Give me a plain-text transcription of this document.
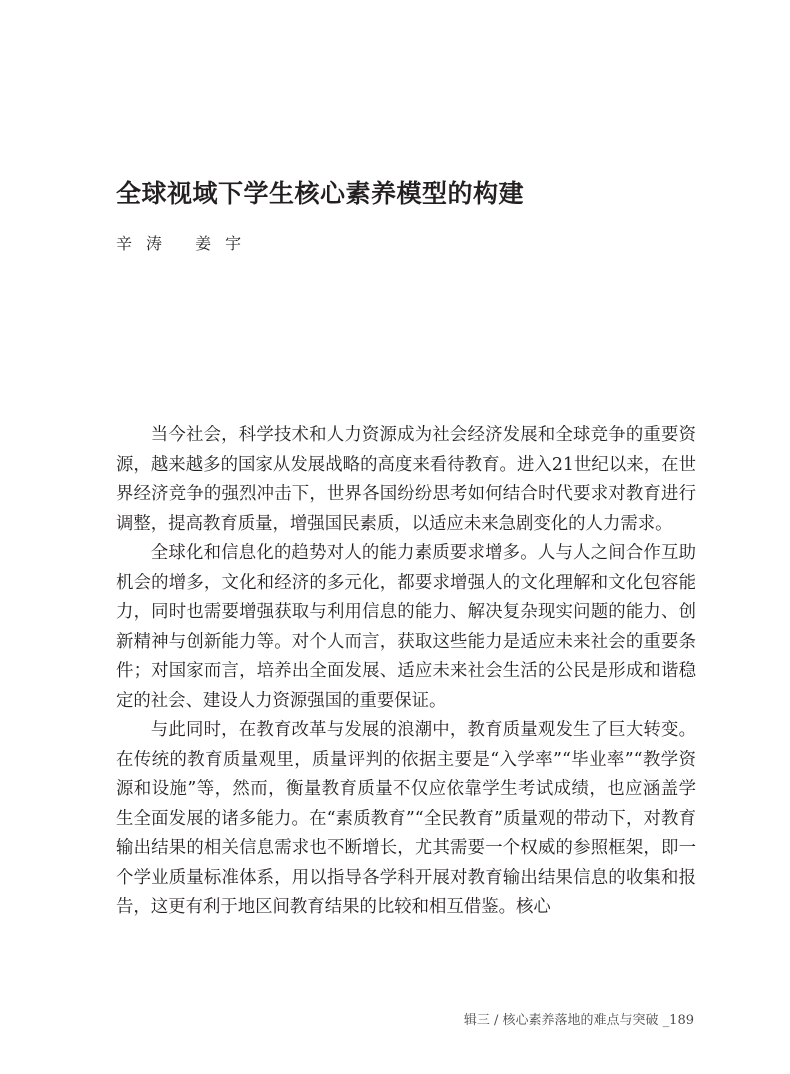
全球视域下学生核心素养模型的构建
辛涛 姜宇

当今社会，科学技术和人力资源成为社会经济发展和全球竞争的重要资源，越来越多的国家从发展战略的高度来看待教育。进入21世纪以来，在世界经济竞争的强烈冲击下，世界各国纷纷思考如何结合时代要求对教育进行调整，提高教育质量，增强国民素质，以适应未来急剧变化的人力需求。

全球化和信息化的趋势对人的能力素质要求增多。人与人之间合作互助机会的增多，文化和经济的多元化，都要求增强人的文化理解和文化包容能力，同时也需要增强获取与利用信息的能力、解决复杂现实问题的能力、创新精神与创新能力等。对个人而言，获取这些能力是适应未来社会的重要条件；对国家而言，培养出全面发展、适应未来社会生活的公民是形成和谐稳定的社会、建设人力资源强国的重要保证。

与此同时，在教育改革与发展的浪潮中，教育质量观发生了巨大转变。在传统的教育质量观里，质量评判的依据主要是“入学率”“毕业率”“教学资源和设施”等，然而，衡量教育质量不仅应依靠学生考试成绩，也应涵盖学生全面发展的诸多能力。在“素质教育”“全民教育”质量观的带动下，对教育输出结果的相关信息需求也不断增长，尤其需要一个权威的参照框架，即一个学业质量标准体系，用以指导各学科开展对教育输出结果信息的收集和报告，这更有利于地区间教育结果的比较和相互借鉴。核心

辑三 / 核心素养落地的难点与突破 _189
